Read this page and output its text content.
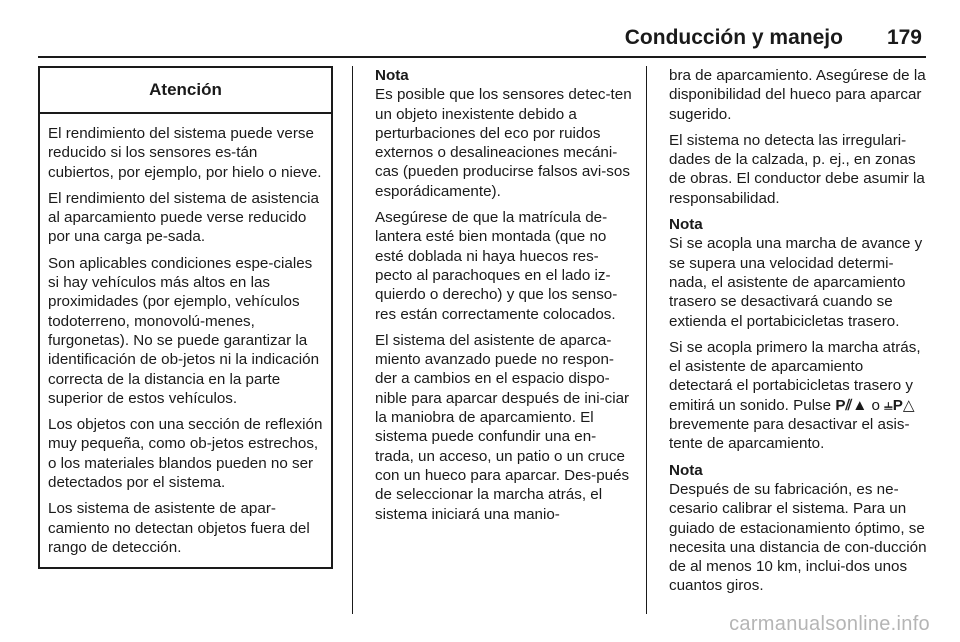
Conducción y manejo 179
Atención

El rendimiento del sistema puede verse reducido si los sensores es-tán cubiertos, por ejemplo, por hielo o nieve.

El rendimiento del sistema de asistencia al aparcamiento puede verse reducido por una carga pe-sada.

Son aplicables condiciones espe-ciales si hay vehículos más altos en las proximidades (por ejemplo, vehículos todoterreno, monovolú-menes, furgonetas). No se puede garantizar la identificación de ob-jetos ni la indicación correcta de la distancia en la parte superior de estos vehículos.

Los objetos con una sección de reflexión muy pequeña, como ob-jetos estrechos, o los materiales blandos pueden no ser detectados por el sistema.

Los sistema de asistente de apar-camiento no detectan objetos fuera del rango de detección.

Nota

Es posible que los sensores detec-ten un objeto inexistente debido a perturbaciones del eco por ruidos externos o desalineaciones mecáni-cas (pueden producirse falsos avi-sos esporádicamente).

Asegúrese de que la matrícula de-lantera esté bien montada (que no esté doblada ni haya huecos res-pecto al parachoques en el lado iz-quierdo o derecho) y que los senso-res están correctamente colocados.

El sistema del asistente de aparca-miento avanzado puede no respon-der a cambios en el espacio dispo-nible para aparcar después de ini-ciar la maniobra de aparcamiento. El sistema puede confundir una en-trada, un acceso, un patio o un cruce con un hueco para aparcar. Des-pués de seleccionar la marcha atrás, el sistema iniciará una manio-

bra de aparcamiento. Asegúrese de la disponibilidad del hueco para aparcar sugerido.

El sistema no detecta las irregulari-dades de la calzada, p. ej., en zonas de obras. El conductor debe asumir la responsabilidad.

Nota

Si se acopla una marcha de avance y se supera una velocidad determi-nada, el asistente de aparcamiento trasero se desactivará cuando se extienda el portabicicletas trasero.

Si se acopla primero la marcha atrás, el asistente de aparcamiento detectará el portabicicletas trasero y emitirá un sonido. Pulse P⫽▲ o ⫨P△ brevemente para desactivar el asis-tente de aparcamiento.

Nota

Después de su fabricación, es ne-cesario calibrar el sistema. Para un guiado de estacionamiento óptimo, se necesita una distancia de con-ducción de al menos 10 km, inclui-dos unos cuantos giros.

carmanualsonline.info
